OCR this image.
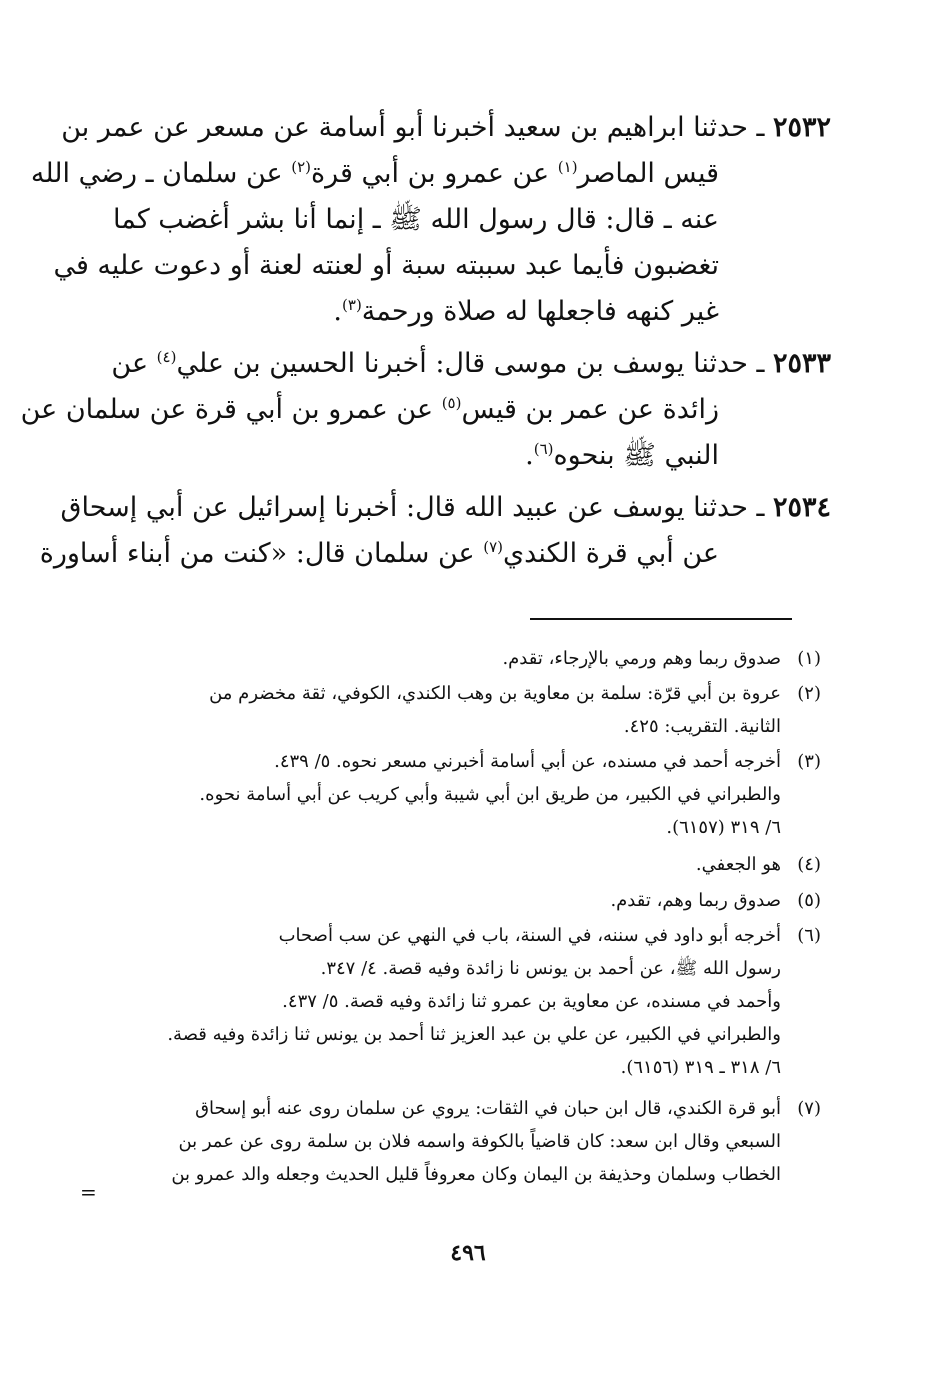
٢٥٣٢ ـ حدثنا ابراهيم بن سعيد أخبرنا أبو أسامة عن مسعر عن عمر بن
قيس الماصر$^{(١)}$ عن عمرو بن أبي قرة$^{(٢)}$ عن سلمان ـ رضي الله
عنه ـ قال: قال رسول الله ﷺ ـ إنما أنا بشر أغضب كما
تغضبون فأيما عبد سببته سبة أو لعنته لعنة أو دعوت عليه في
غير كنهه فاجعلها له صلاة ورحمة$^{(٣)}$.
٢٥٣٣ ـ حدثنا يوسف بن موسى قال: أخبرنا الحسين بن علي$^{(٤)}$ عن
زائدة عن عمر بن قيس$^{(٥)}$ عن عمرو بن أبي قرة عن سلمان عن
النبي ﷺ بنحوه$^{(٦)}$.
٢٥٣٤ ـ حدثنا يوسف عن عبيد الله قال: أخبرنا إسرائيل عن أبي إسحاق
عن أبي قرة الكندي$^{(٧)}$ عن سلمان قال: «كنت من أبناء أساورة
(١)صدوق ربما وهم ورمي بالإرجاء، تقدم.
(٢)عروة بن أبي قرّة: سلمة بن معاوية بن وهب الكندي، الكوفي، ثقة مخضرم من
الثانية. التقريب: ٤٢٥.
(٣)أخرجه أحمد في مسنده، عن أبي أسامة أخبرني مسعر نحوه. ٥/ ٤٣٩.
والطبراني في الكبير، من طريق ابن أبي شيبة وأبي كريب عن أبي أسامة نحوه.
٦/ ٣١٩ (٦١٥٧).
(٤)هو الجعفي.
(٥)صدوق ربما وهم، تقدم.
(٦)أخرجه أبو داود في سننه، في السنة، باب في النهي عن سب أصحاب
رسول الله ﷺ، عن أحمد بن يونس نا زائدة وفيه قصة. ٤/ ٣٤٧.
وأحمد في مسنده، عن معاوية بن عمرو ثنا زائدة وفيه قصة. ٥/ ٤٣٧.
والطبراني في الكبير، عن علي بن عبد العزيز ثنا أحمد بن يونس ثنا زائدة وفيه قصة.
٦/ ٣١٨ ـ ٣١٩ (٦١٥٦).
(٧)أبو قرة الكندي، قال ابن حبان في الثقات: يروي عن سلمان روى عنه أبو إسحاق
السبعي وقال ابن سعد: كان قاضياً بالكوفة واسمه فلان بن سلمة روى عن عمر بن
الخطاب وسلمان وحذيفة بن اليمان وكان معروفاً قليل الحديث وجعله والد عمرو بن
=
٤٩٦
